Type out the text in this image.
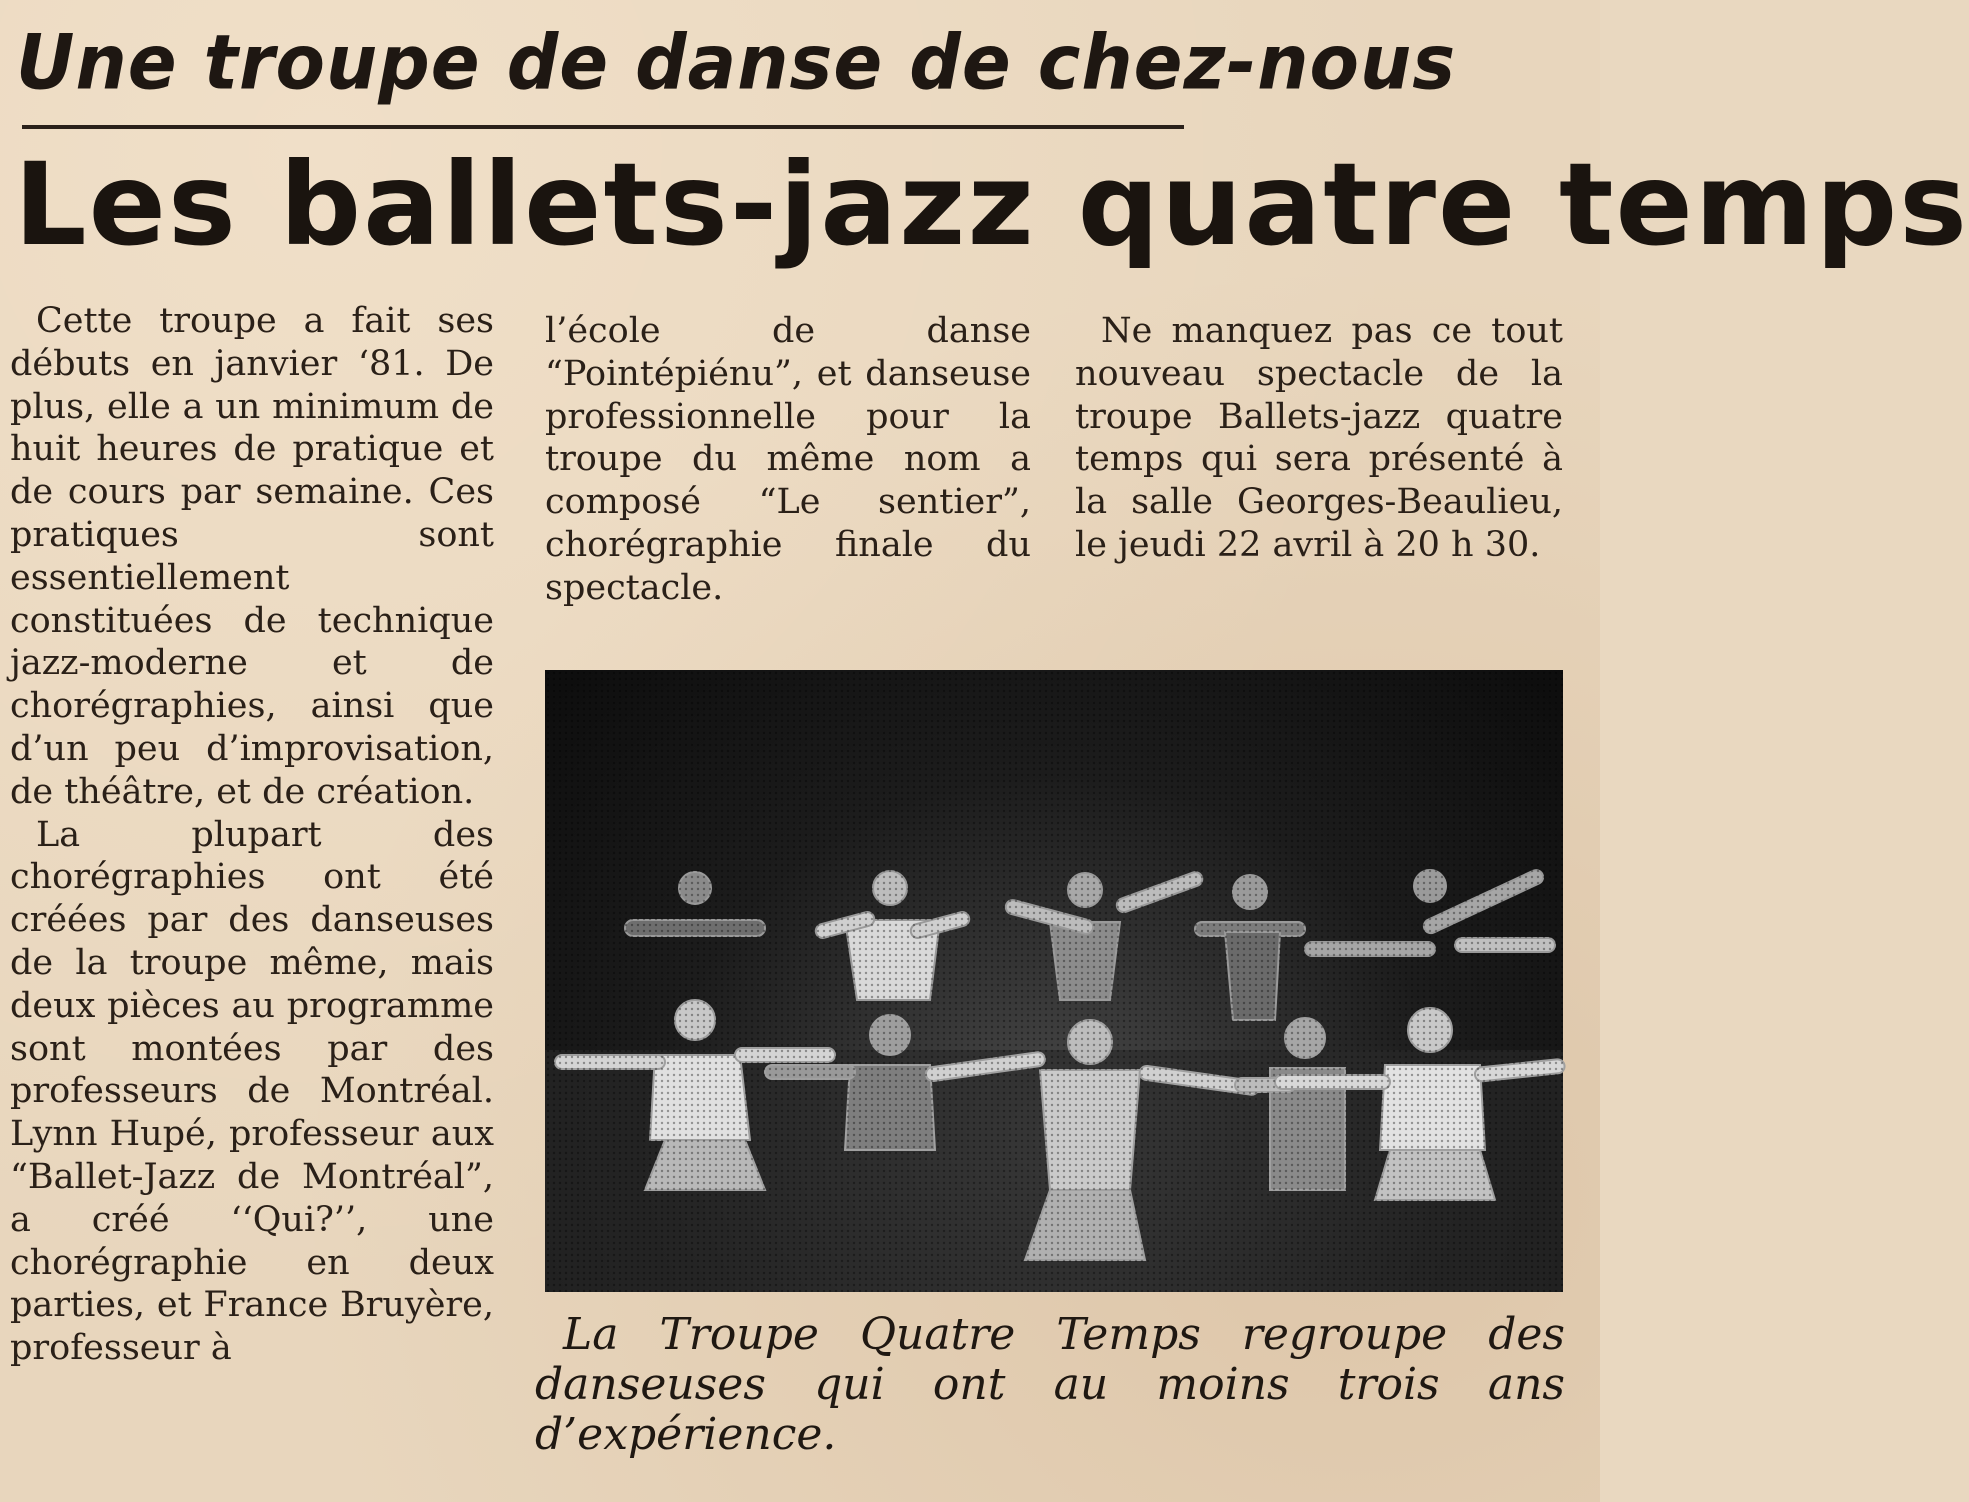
Une troupe de danse de chez-nous
Les ballets-jazz quatre temps

Cette troupe a fait ses débuts en janvier ‘81. De plus, elle a un minimum de huit heures de pratique et de cours par semaine. Ces pratiques sont essentiellement constituées de technique jazz-moderne et de chorégraphies, ainsi que d’un peu d’improvisation, de théâtre, et de création.

La plupart des chorégraphies ont été créées par des danseuses de la troupe même, mais deux pièces au programme sont montées par des professeurs de Montréal. Lynn Hupé, professeur aux “Ballet-Jazz de Montréal”, a créé ‘‘Qui?’’, une chorégraphie en deux parties, et France Bruyère, professeur à

l’école de danse “Pointépiénu”, et danseuse professionnelle pour la troupe du même nom a composé “Le sentier”, chorégraphie finale du spectacle.

Ne manquez pas ce tout nouveau spectacle de la troupe Ballets-jazz quatre temps qui sera présenté à la salle Georges-Beaulieu, le jeudi 22 avril à 20 h 30.

La Troupe Quatre Temps regroupe des danseuses qui ont au moins trois ans d’expérience.
